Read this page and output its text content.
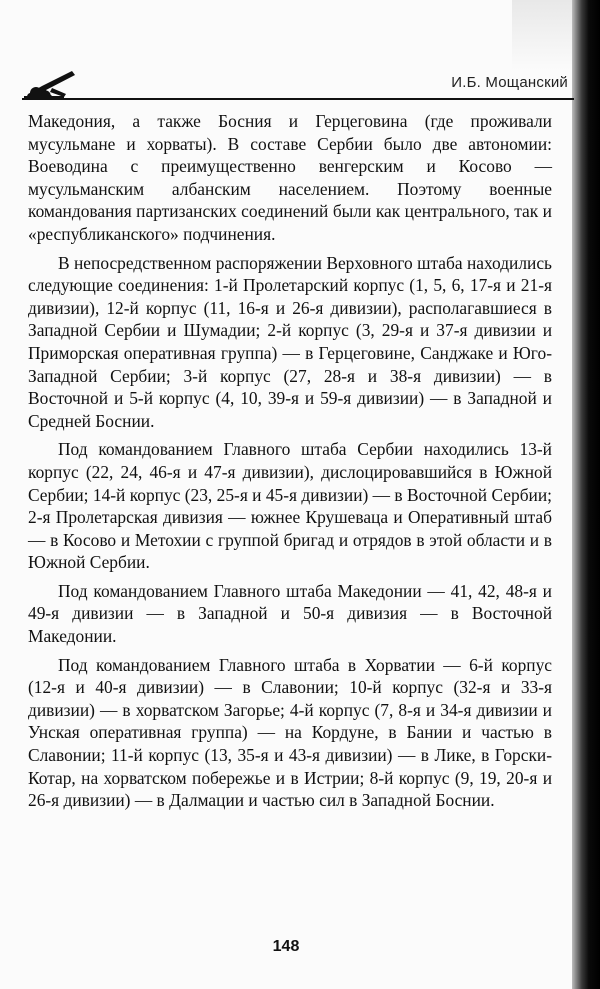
И.Б. Мощанский

Македония, а также Босния и Герцеговина (где проживали мусульмане и хорваты). В составе Сербии было две автономии: Воеводина с преимущественно венгерским и Косово — мусульманским албанским населением. Поэтому военные командования партизанских соединений были как центрального, так и «республиканского» подчинения.

В непосредственном распоряжении Верховного штаба находились следующие соединения: 1-й Пролетарский корпус (1, 5, 6, 17-я и 21-я дивизии), 12-й корпус (11, 16-я и 26-я дивизии), располагавшиеся в Западной Сербии и Шумадии; 2-й корпус (3, 29-я и 37-я дивизии и Приморская оперативная группа) — в Герцеговине, Санджаке и Юго-Западной Сербии; 3-й корпус (27, 28-я и 38-я дивизии) — в Восточной и 5-й корпус (4, 10, 39-я и 59-я дивизии) — в Западной и Средней Боснии.

Под командованием Главного штаба Сербии находились 13-й корпус (22, 24, 46-я и 47-я дивизии), дислоцировавшийся в Южной Сербии; 14-й корпус (23, 25-я и 45-я дивизии) — в Восточной Сербии; 2-я Пролетарская дивизия — южнее Крушеваца и Оперативный штаб — в Косово и Метохии с группой бригад и отрядов в этой области и в Южной Сербии.

Под командованием Главного штаба Македонии — 41, 42, 48-я и 49-я дивизии — в Западной и 50-я дивизия — в Восточной Македонии.

Под командованием Главного штаба в Хорватии — 6-й корпус (12-я и 40-я дивизии) — в Славонии; 10-й корпус (32-я и 33-я дивизии) — в хорватском Загорье; 4-й корпус (7, 8-я и 34-я дивизии и Унская оперативная группа) — на Кордуне, в Бании и частью в Славонии; 11-й корпус (13, 35-я и 43-я дивизии) — в Лике, в Горски-Котар, на хорватском побережье и в Истрии; 8-й корпус (9, 19, 20-я и 26-я дивизии) — в Далмации и частью сил в Западной Боснии.

148
